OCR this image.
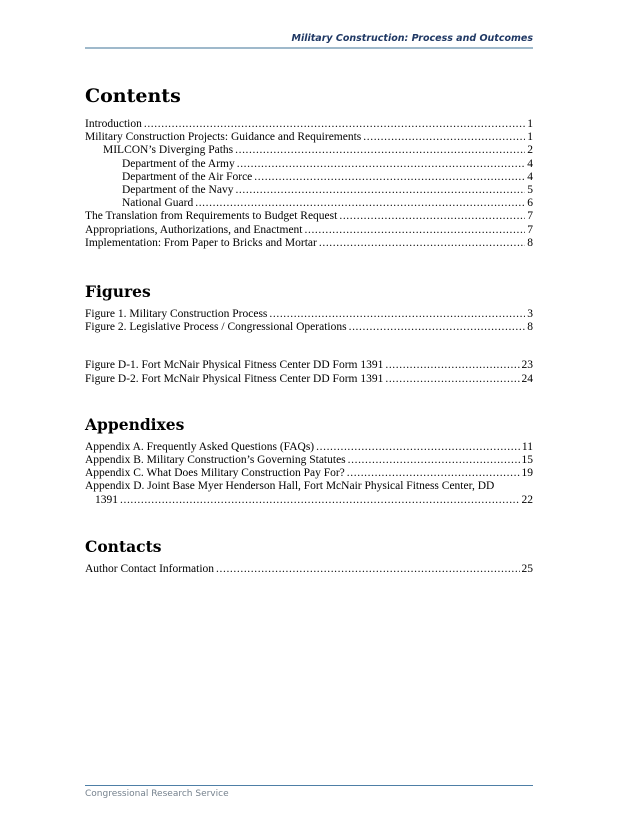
Military Construction: Process and Outcomes
Contents
Introduction .....	1
Military Construction Projects: Guidance and Requirements .....	1
MILCON’s Diverging Paths .....	2
Department of the Army .....	4
Department of the Air Force .....	4
Department of the Navy .....	5
National Guard .....	6
The Translation from Requirements to Budget Request .....	7
Appropriations, Authorizations, and Enactment .....	7
Implementation: From Paper to Bricks and Mortar .....	8
Figures
Figure 1. Military Construction Process .....	3
Figure 2. Legislative Process / Congressional Operations .....	8
Figure D-1. Fort McNair Physical Fitness Center DD Form 1391 .....	23
Figure D-2. Fort McNair Physical Fitness Center DD Form 1391 .....	24
Appendixes
Appendix A. Frequently Asked Questions (FAQs) .....	11
Appendix B. Military Construction’s Governing Statutes .....	15
Appendix C. What Does Military Construction Pay For? .....	19
Appendix D. Joint Base Myer Henderson Hall, Fort McNair Physical Fitness Center, DD
1391 .....	22
Contacts
Author Contact Information .....	25
Congressional Research Service
